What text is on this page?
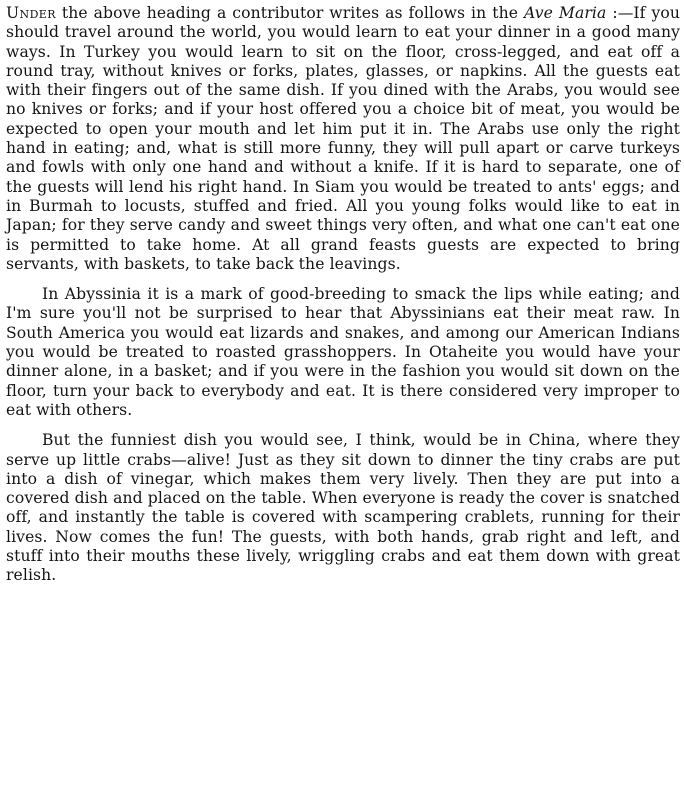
Under the above heading a contributor writes as follows in the Ave Maria :—If you should travel around the world, you would learn to eat your dinner in a good many ways. In Turkey you would learn to sit on the floor, cross-legged, and eat off a round tray, without knives or forks, plates, glasses, or napkins. All the guests eat with their fingers out of the same dish. If you dined with the Arabs, you would see no knives or forks; and if your host offered you a choice bit of meat, you would be expected to open your mouth and let him put it in. The Arabs use only the right hand in eating; and, what is still more funny, they will pull apart or carve turkeys and fowls with only one hand and without a knife. If it is hard to separate, one of the guests will lend his right hand. In Siam you would be treated to ants' eggs; and in Burmah to locusts, stuffed and fried. All you young folks would like to eat in Japan; for they serve candy and sweet things very often, and what one can't eat one is permitted to take home. At all grand feasts guests are expected to bring servants, with baskets, to take back the leavings.

In Abyssinia it is a mark of good-breeding to smack the lips while eating; and I'm sure you'll not be surprised to hear that Abyssinians eat their meat raw. In South America you would eat lizards and snakes, and among our American Indians you would be treated to roasted grasshoppers. In Otaheite you would have your dinner alone, in a basket; and if you were in the fashion you would sit down on the floor, turn your back to everybody and eat. It is there considered very improper to eat with others.

But the funniest dish you would see, I think, would be in China, where they serve up little crabs—alive! Just as they sit down to dinner the tiny crabs are put into a dish of vinegar, which makes them very lively. Then they are put into a covered dish and placed on the table. When everyone is ready the cover is snatched off, and instantly the table is covered with scampering crablets, running for their lives. Now comes the fun! The guests, with both hands, grab right and left, and stuff into their mouths these lively, wriggling crabs and eat them down with great relish.
